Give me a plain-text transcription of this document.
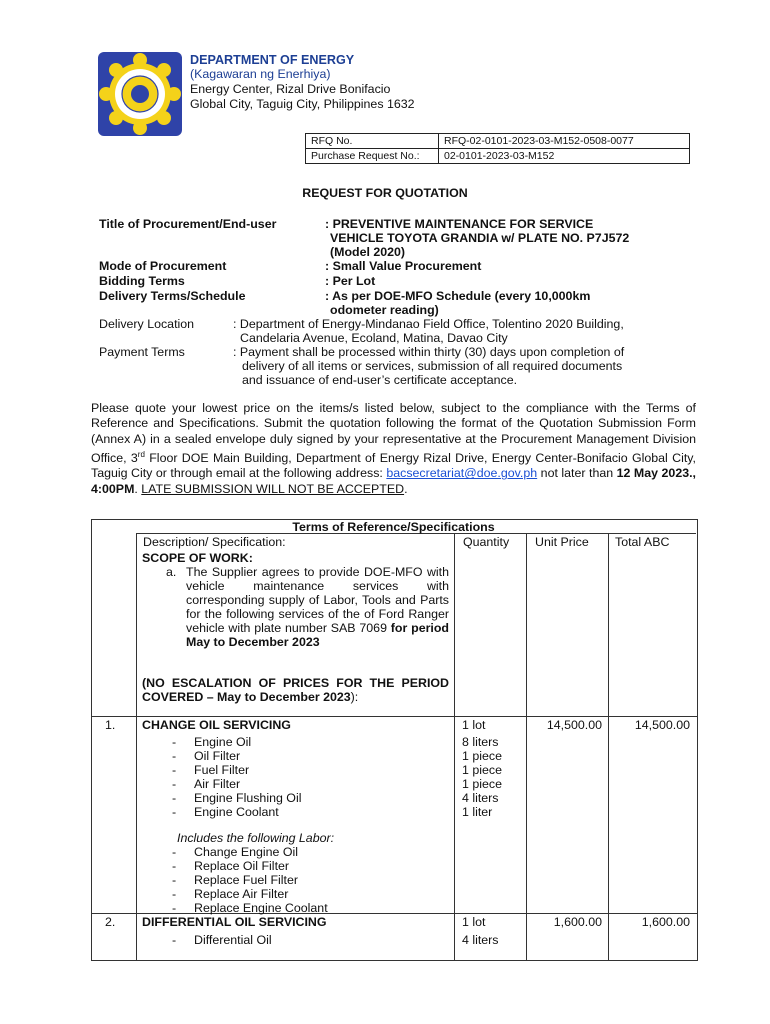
DEPARTMENT OF ENERGY
(Kagawaran ng Enerhiya)
Energy Center, Rizal Drive Bonifacio
Global City, Taguig City, Philippines 1632
RFQ No.	RFQ-02-0101-2023-03-M152-0508-0077
Purchase Request No.:	02-0101-2023-03-M152
REQUEST FOR QUOTATION
Title of Procurement/End-user	: PREVENTIVE MAINTENANCE FOR SERVICE
VEHICLE TOYOTA GRANDIA w/ PLATE NO. P7J572
(Model 2020)
Mode of Procurement	: Small Value Procurement
Bidding Terms	: Per Lot
Delivery Terms/Schedule	: As per DOE-MFO Schedule (every 10,000km
odometer reading)
Delivery Location	: Department of Energy-Mindanao Field Office, Tolentino 2020 Building,
Candelaria Avenue, Ecoland, Matina, Davao City
Payment Terms	: Payment shall be processed within thirty (30) days upon completion of
delivery of all items or services, submission of all required documents
and issuance of end-user’s certificate acceptance.
Please quote your lowest price on the items/s listed below, subject to the compliance with the Terms of Reference and Specifications. Submit the quotation following the format of the Quotation Submission Form (Annex A) in a sealed envelope duly signed by your representative at the Procurement Management Division Office, 3rd Floor DOE Main Building, Department of Energy Rizal Drive, Energy Center-Bonifacio Global City, Taguig City or through email at the following address: bacsecretariat@doe.gov.ph not later than 12 May 2023., 4:00PM. LATE SUBMISSION WILL NOT BE ACCEPTED.
Terms of Reference/Specifications
Description/ Specification:	Quantity Unit Price Total ABC
SCOPE OF WORK:
a. The Supplier agrees to provide DOE-MFO with vehicle maintenance services with corresponding supply of Labor, Tools and Parts for the following services of the of Ford Ranger vehicle with plate number SAB 7069 for period May to December 2023
(NO ESCALATION OF PRICES FOR THE PERIOD COVERED – May to December 2023):
1. CHANGE OIL SERVICING	1 lot	14,500.00	14,500.00
- Engine Oil	8 liters
- Oil Filter	1 piece
- Fuel Filter	1 piece
- Air Filter	1 piece
- Engine Flushing Oil	4 liters
- Engine Coolant	1 liter
Includes the following Labor:
- Change Engine Oil
- Replace Oil Filter
- Replace Fuel Filter
- Replace Air Filter
- Replace Engine Coolant
2. DIFFERENTIAL OIL SERVICING	1 lot	1,600.00	1,600.00
- Differential Oil	4 liters
